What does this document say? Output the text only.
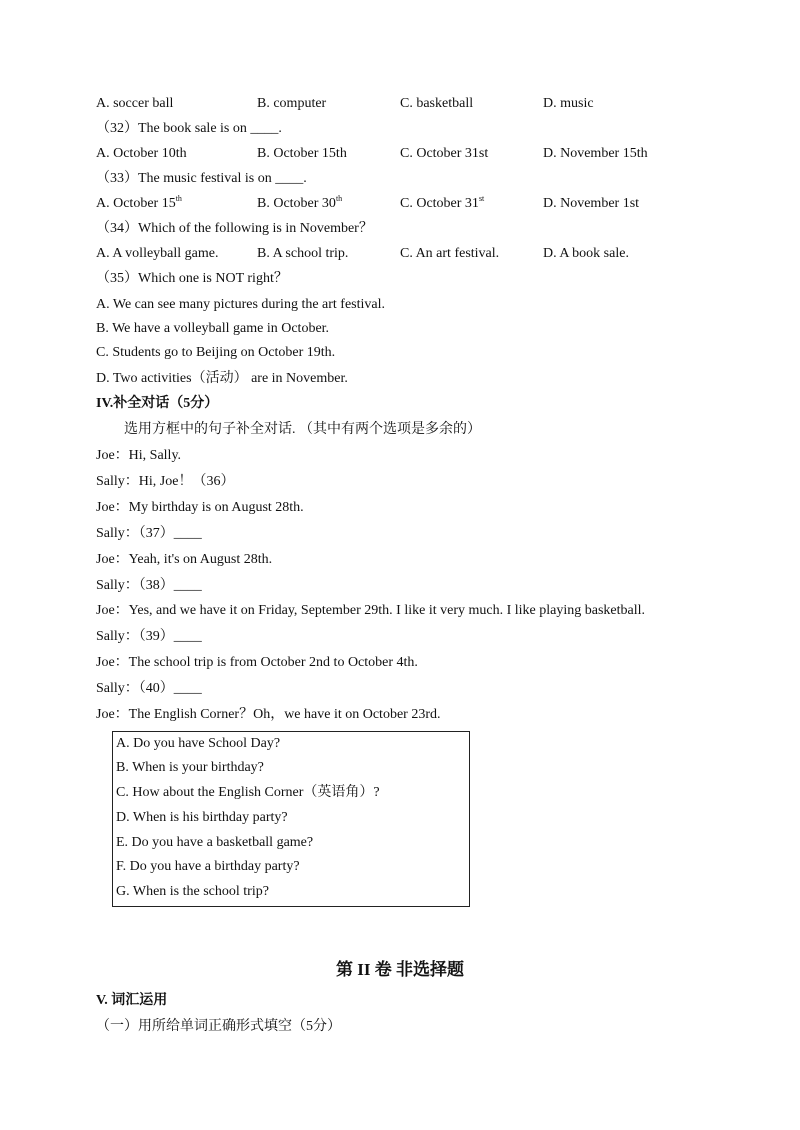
A. soccer ball	B. computer	C. basketball	D. music
（32）The book sale is on ____.
A. October 10th	B. October 15th	C. October 31st	D. November 15th
（33）The music festival is on ____.
A. October 15th	B. October 30th	C. October 31st	D. November 1st
（34）Which of the following is in November？
A. A volleyball game.	B. A school trip.	C. An art festival.	D. A book sale.
（35）Which one is NOT right？
A. We can see many pictures during the art festival.
B. We have a volleyball game in October.
C. Students go to Beijing on October 19th.
D. Two activities（活动） are in November.
IV.补全对话（5分）
选用方框中的句子补全对话. （其中有两个选项是多余的）
Joe：Hi, Sally.
Sally：Hi, Joe！（36）
Joe：My birthday is on August 28th.
Sally：（37）____
Joe：Yeah, it's on August 28th.
Sally：（38）____
Joe：Yes, and we have it on Friday, September 29th. I like it very much. I like playing basketball.
Sally：（39）____
Joe：The school trip is from October 2nd to October 4th.
Sally：（40）____
Joe：The English Corner？Oh，we have it on October 23rd.
A. Do you have School Day?
B. When is your birthday?
C. How about the English Corner（英语角）?
D. When is his birthday party?
E. Do you have a basketball game?
F. Do you have a birthday party?
G. When is the school trip?
第 II 卷 非选择题
V. 词汇运用
（一）用所给单词正确形式填空（5分）
